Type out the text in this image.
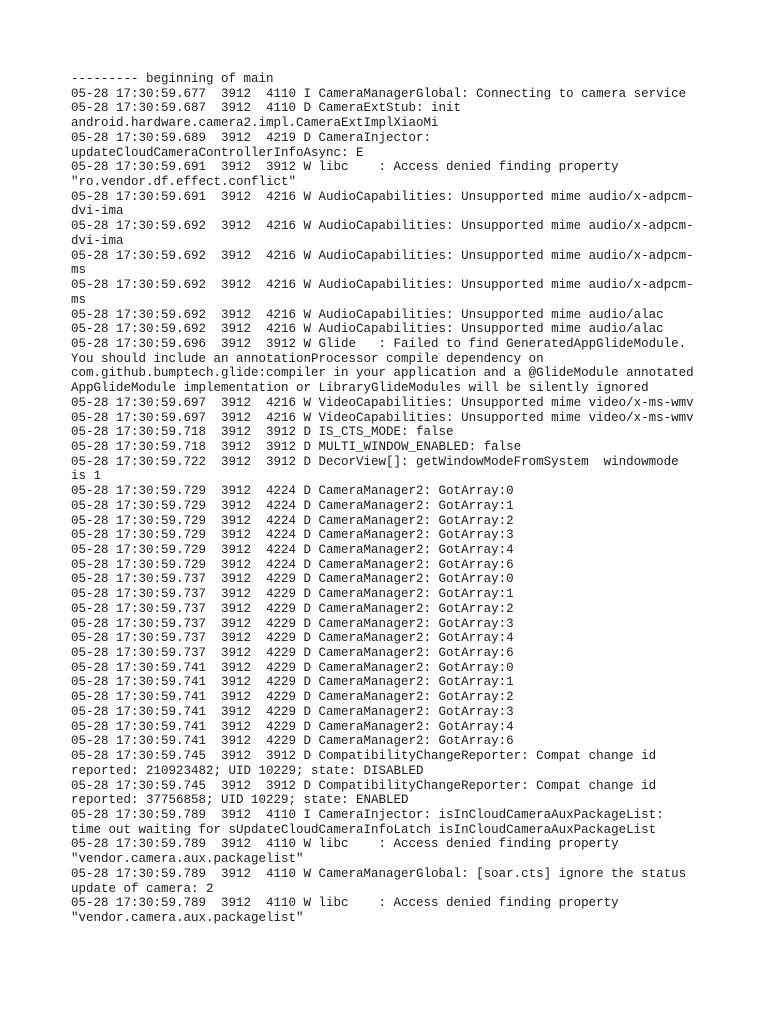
--------- beginning of main
05-28 17:30:59.677  3912  4110 I CameraManagerGlobal: Connecting to camera service
05-28 17:30:59.687  3912  4110 D CameraExtStub: init
android.hardware.camera2.impl.CameraExtImplXiaoMi
05-28 17:30:59.689  3912  4219 D CameraInjector:
updateCloudCameraControllerInfoAsync: E
05-28 17:30:59.691  3912  3912 W libc    : Access denied finding property
"ro.vendor.df.effect.conflict"
05-28 17:30:59.691  3912  4216 W AudioCapabilities: Unsupported mime audio/x-adpcm-
dvi-ima
05-28 17:30:59.692  3912  4216 W AudioCapabilities: Unsupported mime audio/x-adpcm-
dvi-ima
05-28 17:30:59.692  3912  4216 W AudioCapabilities: Unsupported mime audio/x-adpcm-
ms
05-28 17:30:59.692  3912  4216 W AudioCapabilities: Unsupported mime audio/x-adpcm-
ms
05-28 17:30:59.692  3912  4216 W AudioCapabilities: Unsupported mime audio/alac
05-28 17:30:59.692  3912  4216 W AudioCapabilities: Unsupported mime audio/alac
05-28 17:30:59.696  3912  3912 W Glide   : Failed to find GeneratedAppGlideModule.
You should include an annotationProcessor compile dependency on
com.github.bumptech.glide:compiler in your application and a @GlideModule annotated
AppGlideModule implementation or LibraryGlideModules will be silently ignored
05-28 17:30:59.697  3912  4216 W VideoCapabilities: Unsupported mime video/x-ms-wmv
05-28 17:30:59.697  3912  4216 W VideoCapabilities: Unsupported mime video/x-ms-wmv
05-28 17:30:59.718  3912  3912 D IS_CTS_MODE: false
05-28 17:30:59.718  3912  3912 D MULTI_WINDOW_ENABLED: false
05-28 17:30:59.722  3912  3912 D DecorView[]: getWindowModeFromSystem  windowmode
is 1
05-28 17:30:59.729  3912  4224 D CameraManager2: GotArray:0
05-28 17:30:59.729  3912  4224 D CameraManager2: GotArray:1
05-28 17:30:59.729  3912  4224 D CameraManager2: GotArray:2
05-28 17:30:59.729  3912  4224 D CameraManager2: GotArray:3
05-28 17:30:59.729  3912  4224 D CameraManager2: GotArray:4
05-28 17:30:59.729  3912  4224 D CameraManager2: GotArray:6
05-28 17:30:59.737  3912  4229 D CameraManager2: GotArray:0
05-28 17:30:59.737  3912  4229 D CameraManager2: GotArray:1
05-28 17:30:59.737  3912  4229 D CameraManager2: GotArray:2
05-28 17:30:59.737  3912  4229 D CameraManager2: GotArray:3
05-28 17:30:59.737  3912  4229 D CameraManager2: GotArray:4
05-28 17:30:59.737  3912  4229 D CameraManager2: GotArray:6
05-28 17:30:59.741  3912  4229 D CameraManager2: GotArray:0
05-28 17:30:59.741  3912  4229 D CameraManager2: GotArray:1
05-28 17:30:59.741  3912  4229 D CameraManager2: GotArray:2
05-28 17:30:59.741  3912  4229 D CameraManager2: GotArray:3
05-28 17:30:59.741  3912  4229 D CameraManager2: GotArray:4
05-28 17:30:59.741  3912  4229 D CameraManager2: GotArray:6
05-28 17:30:59.745  3912  3912 D CompatibilityChangeReporter: Compat change id
reported: 210923482; UID 10229; state: DISABLED
05-28 17:30:59.745  3912  3912 D CompatibilityChangeReporter: Compat change id
reported: 37756858; UID 10229; state: ENABLED
05-28 17:30:59.789  3912  4110 I CameraInjector: isInCloudCameraAuxPackageList:
time out waiting for sUpdateCloudCameraInfoLatch isInCloudCameraAuxPackageList
05-28 17:30:59.789  3912  4110 W libc    : Access denied finding property
"vendor.camera.aux.packagelist"
05-28 17:30:59.789  3912  4110 W CameraManagerGlobal: [soar.cts] ignore the status
update of camera: 2
05-28 17:30:59.789  3912  4110 W libc    : Access denied finding property
"vendor.camera.aux.packagelist"
